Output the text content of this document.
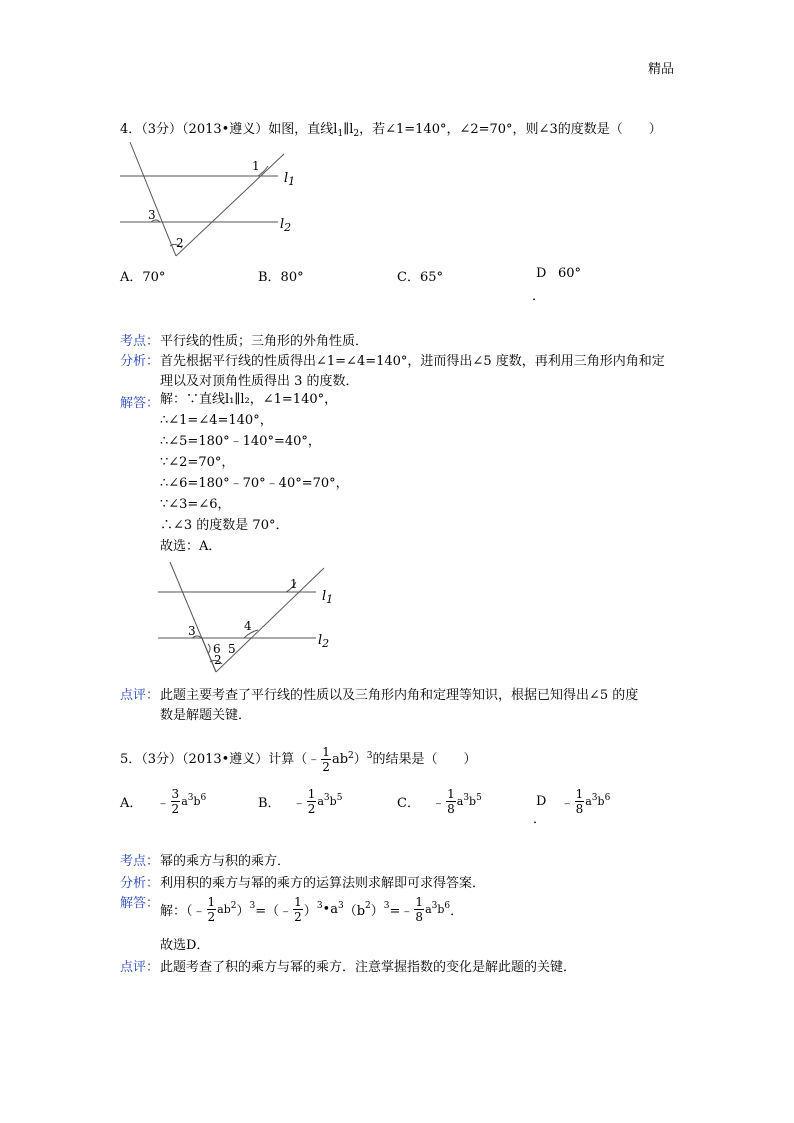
精品
4．（3分）（2013•遵义）如图，直线$l_1\parallel l_2$，若∠1=140°，∠2=70°，则∠3的度数是（　　）
1
3
2
$l_1$
$l_2$
A．70°	B．80°	C．65°	D 60°
．
考点： 平行线的性质；三角形的外角性质．
分析： 首先根据平行线的性质得出∠1=∠4=140°，进而得出∠5 度数，再利用三角形内角和定
理以及对顶角性质得出 3 的度数．
解答： 解：∵直线l₁∥l₂，∠1=140°，
∴∠1=∠4=140°，
∴∠5=180°﹣140°=40°，
∵∠2=70°，
∴∠6=180°﹣70°﹣40°=70°，
∵∠3=∠6，
∴∠3 的度数是 70°．
故选：A．
1
3	4
6 5
2
$l_1$
$l_2$
点评： 此题主要考查了平行线的性质以及三角形内角和定理等知识，根据已知得出∠5 的度
数是解题关键．
5．（3分）（2013•遵义）计算（﹣ $\frac{1}{2} ab^2)^3$的结果是（　　）
A． ﹣ $\frac{3}{2} a^3b^6$	B． ﹣ $\frac{1}{2} a^3b^5$	C． ﹣ $\frac{1}{8} a^3b^5$	D ﹣ $\frac{1}{8} a^3b^6$
．
考点： 幂的乘方与积的乘方．
分析： 利用积的乘方与幂的乘方的运算法则求解即可求得答案．
解答：
解：（﹣ $\frac{1}{2}$ $ab^2)^3=(﹣ \frac{1}{2}$ ）$^3•a^3(b^2)^3=﹣ \frac{1}{8} a^3b^6$．
故选D．
点评： 此题考查了积的乘方与幂的乘方．注意掌握指数的变化是解此题的关键．
